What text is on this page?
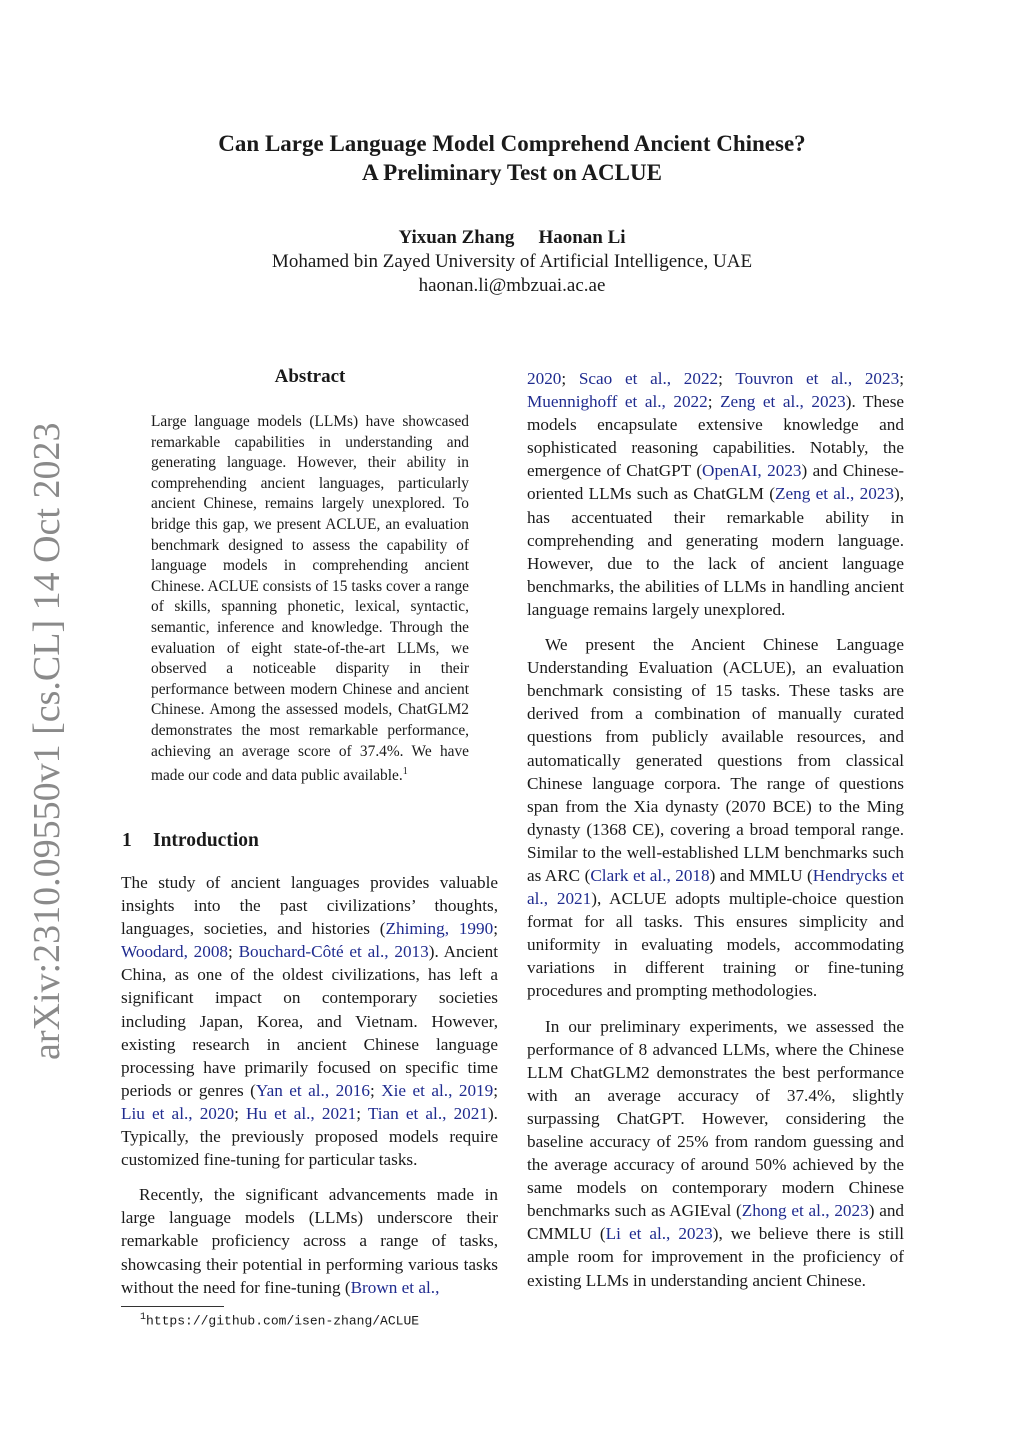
arXiv:2310.09550v1 [cs.CL] 14 Oct 2023
Can Large Language Model Comprehend Ancient Chinese?
A Preliminary Test on ACLUE
Yixuan Zhang Haonan Li
Mohamed bin Zayed University of Artificial Intelligence, UAE
haonan.li@mbzuai.ac.ae
Abstract

Large language models (LLMs) have showcased remarkable capabilities in understanding and generating language. However, their ability in comprehending ancient languages, particularly ancient Chinese, remains largely unexplored. To bridge this gap, we present ACLUE, an evaluation benchmark designed to assess the capability of language models in comprehending ancient Chinese. ACLUE consists of 15 tasks cover a range of skills, spanning phonetic, lexical, syntactic, semantic, inference and knowledge. Through the evaluation of eight state-of-the-art LLMs, we observed a noticeable disparity in their performance between modern Chinese and ancient Chinese. Among the assessed models, ChatGLM2 demonstrates the most remarkable performance, achieving an average score of 37.4%. We have made our code and data public available.$^1$

1 Introduction

The study of ancient languages provides valuable insights into the past civilizations’ thoughts, languages, societies, and histories (Zhiming, 1990; Woodard, 2008; Bouchard-Côté et al., 2013). Ancient China, as one of the oldest civilizations, has left a significant impact on contemporary societies including Japan, Korea, and Vietnam. However, existing research in ancient Chinese language processing have primarily focused on specific time periods or genres (Yan et al., 2016; Xie et al., 2019; Liu et al., 2020; Hu et al., 2021; Tian et al., 2021). Typically, the previously proposed models require customized fine-tuning for particular tasks.

Recently, the significant advancements made in large language models (LLMs) underscore their remarkable proficiency across a range of tasks, showcasing their potential in performing various tasks without the need for fine-tuning (Brown et al.,

2020; Scao et al., 2022; Touvron et al., 2023; Muennighoff et al., 2022; Zeng et al., 2023). These models encapsulate extensive knowledge and sophisticated reasoning capabilities. Notably, the emergence of ChatGPT (OpenAI, 2023) and Chinese-oriented LLMs such as ChatGLM (Zeng et al., 2023), has accentuated their remarkable ability in comprehending and generating modern language. However, due to the lack of ancient language benchmarks, the abilities of LLMs in handling ancient language remains largely unexplored.

We present the Ancient Chinese Language Understanding Evaluation (ACLUE), an evaluation benchmark consisting of 15 tasks. These tasks are derived from a combination of manually curated questions from publicly available resources, and automatically generated questions from classical Chinese language corpora. The range of questions span from the Xia dynasty (2070 BCE) to the Ming dynasty (1368 CE), covering a broad temporal range. Similar to the well-established LLM benchmarks such as ARC (Clark et al., 2018) and MMLU (Hendrycks et al., 2021), ACLUE adopts multiple-choice question format for all tasks. This ensures simplicity and uniformity in evaluating models, accommodating variations in different training or fine-tuning procedures and prompting methodologies.

In our preliminary experiments, we assessed the performance of 8 advanced LLMs, where the Chinese LLM ChatGLM2 demonstrates the best performance with an average accuracy of 37.4%, slightly surpassing ChatGPT. However, considering the baseline accuracy of 25% from random guessing and the average accuracy of around 50% achieved by the same models on contemporary modern Chinese benchmarks such as AGIEval (Zhong et al., 2023) and CMMLU (Li et al., 2023), we believe there is still ample room for improvement in the proficiency of existing LLMs in understanding ancient Chinese.

$^1$https://github.com/isen-zhang/ACLUE
